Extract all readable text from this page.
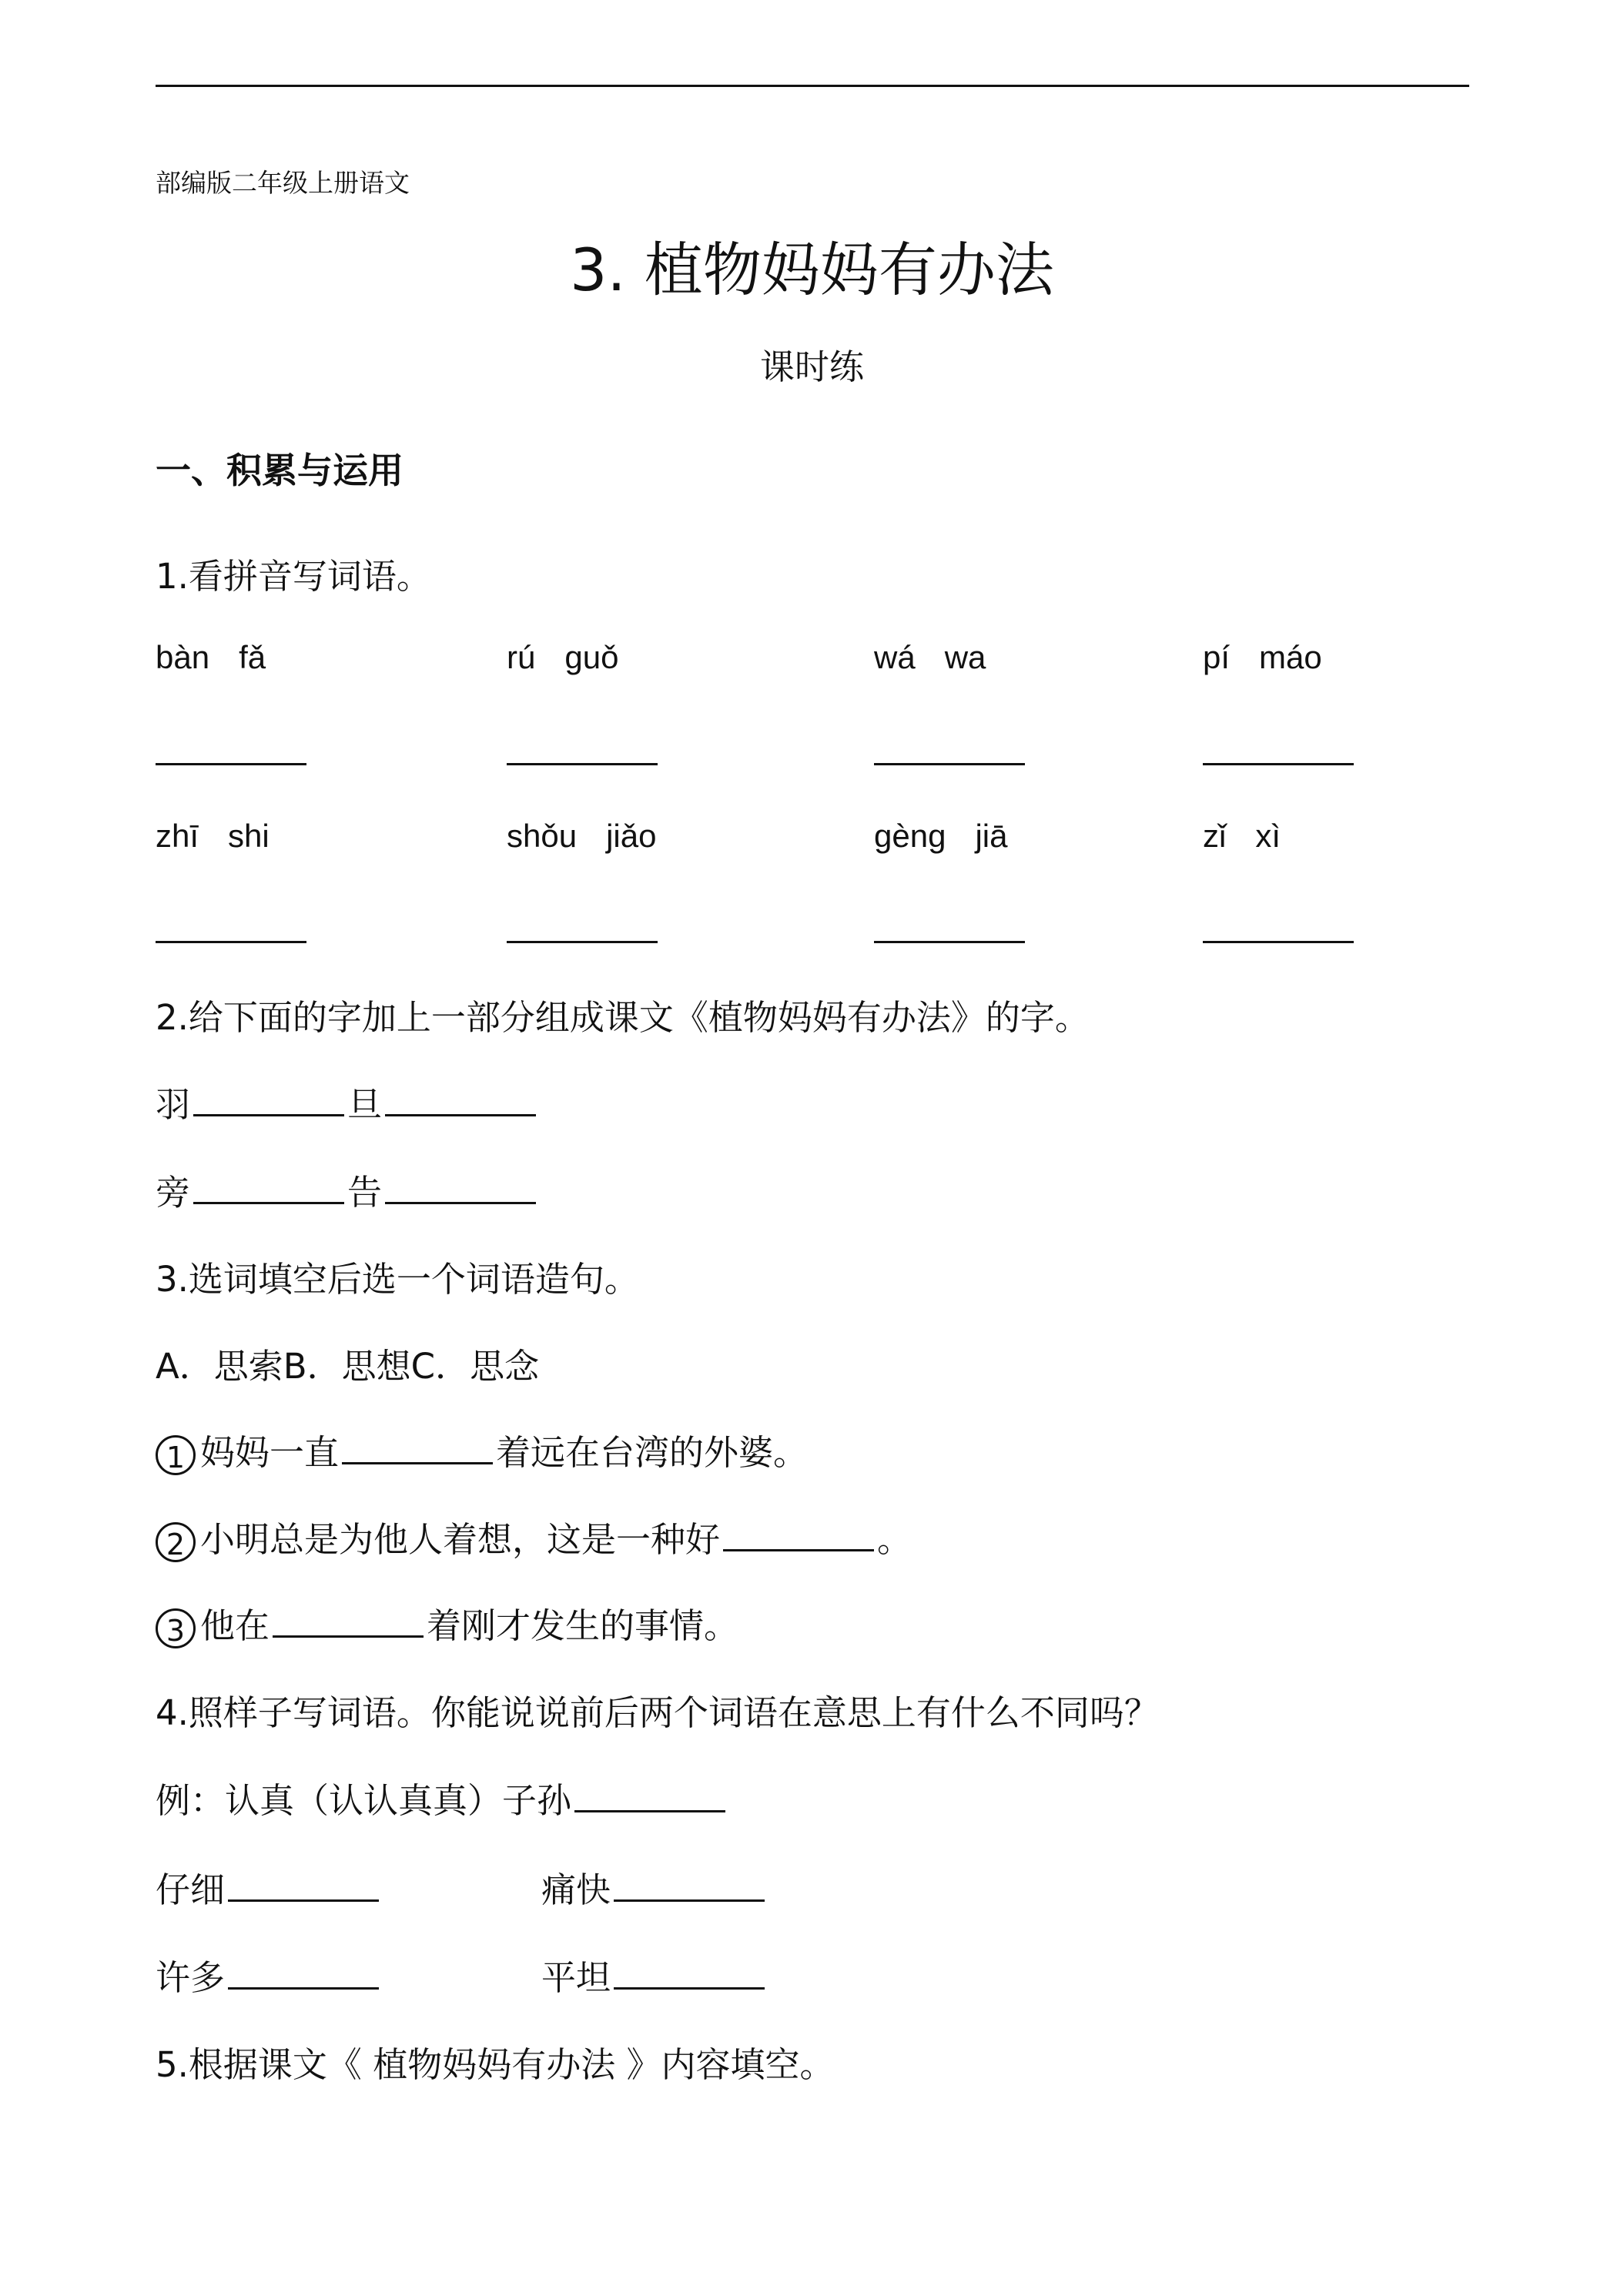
部编版二年级上册语文
3. 植物妈妈有办法
课时练
一、积累与运用
1.看拼音写词语。
bàn fǎ	rú guǒ	wá wa	pí máo
zhī shi	shǒu jiǎo	gèng jiā	zǐ xì
2.给下面的字加上一部分组成课文《植物妈妈有办法》的字。
羽	旦
旁	告
3.选词填空后选一个词语造句。
A．思索B．思想C．思念
1 妈妈一直	着远在台湾的外婆。
2 小明总是为他人着想，这是一种好	。
3 他在	着刚才发生的事情。
4.照样子写词语。你能说说前后两个词语在意思上有什么不同吗？
例：认真（认认真真）子孙
仔细	痛快
许多	平坦
5.根据课文《 植物妈妈有办法 》内容填空。
